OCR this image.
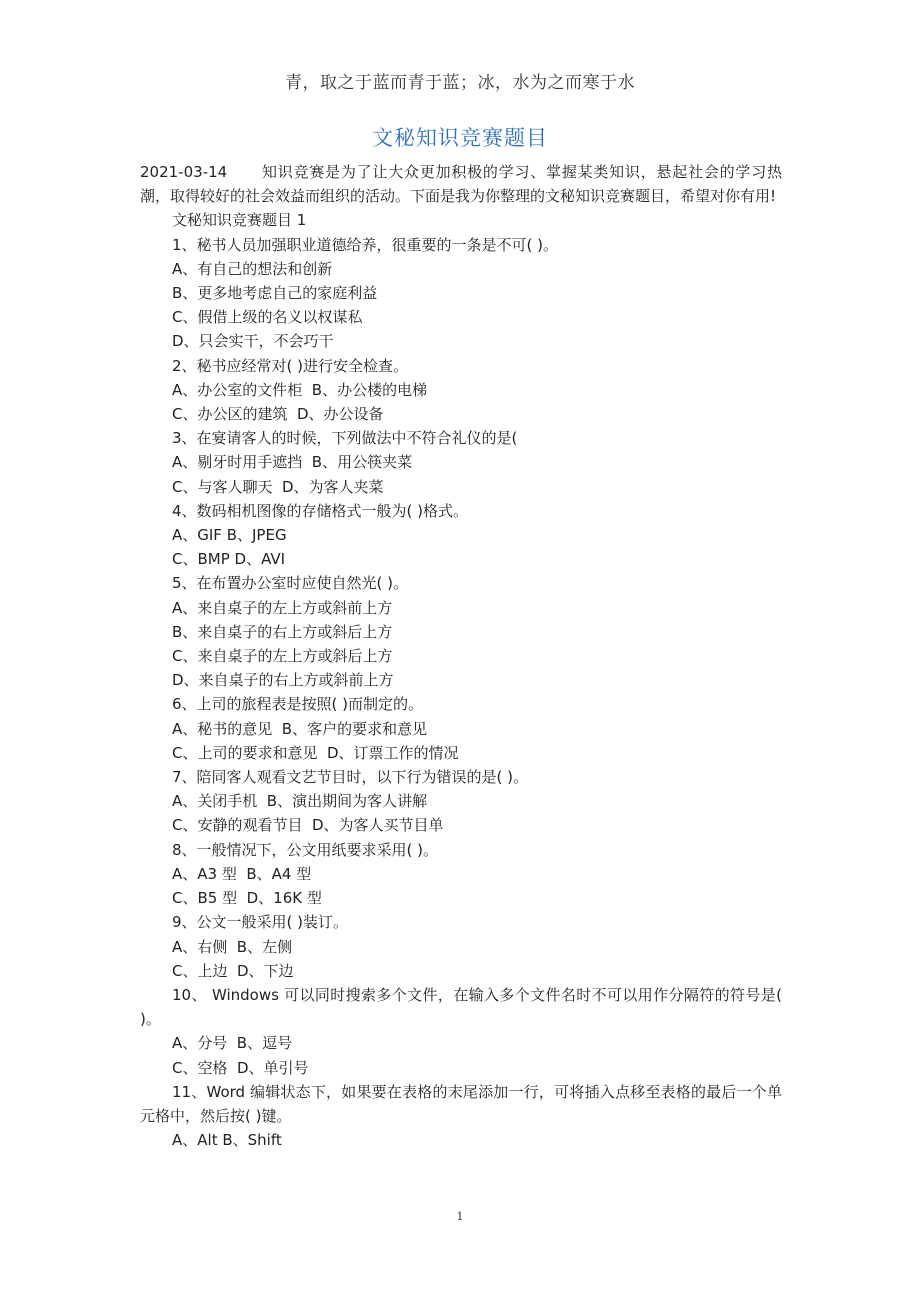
青，取之于蓝而青于蓝；冰，水为之而寒于水
文秘知识竞赛题目

2021-03-14 知识竞赛是为了让大众更加积极的学习、掌握某类知识，悬起社会的学习热潮，取得较好的社会效益而组织的活动。下面是我为你整理的文秘知识竞赛题目，希望对你有用!

文秘知识竞赛题目 1

1、秘书人员加强职业道德给养，很重要的一条是不可( )。

A、有自己的想法和创新

B、更多地考虑自己的家庭利益

C、假借上级的名义以权谋私

D、只会实干，不会巧干

2、秘书应经常对( )进行安全检查。

A、办公室的文件柜  B、办公楼的电梯

C、办公区的建筑  D、办公设备

3、在宴请客人的时候，下列做法中不符合礼仪的是(

A、剔牙时用手遮挡  B、用公筷夹菜

C、与客人聊天  D、为客人夹菜

4、数码相机图像的存储格式一般为( )格式。

A、GIF B、JPEG

C、BMP D、AVI

5、在布置办公室时应使自然光( )。

A、来自桌子的左上方或斜前上方

B、来自桌子的右上方或斜后上方

C、来自桌子的左上方或斜后上方

D、来自桌子的右上方或斜前上方

6、上司的旅程表是按照( )而制定的。

A、秘书的意见  B、客户的要求和意见

C、上司的要求和意见  D、订票工作的情况

7、陪同客人观看文艺节目时，以下行为错误的是( )。

A、关闭手机  B、演出期间为客人讲解

C、安静的观看节目  D、为客人买节目单

8、一般情况下，公文用纸要求采用( )。

A、A3 型  B、A4 型

C、B5 型  D、16K 型

9、公文一般采用( )装订。

A、右侧  B、左侧

C、上边  D、下边

10、 Windows 可以同时搜索多个文件，在输入多个文件名时不可以用作分隔符的符号是( )。

A、分号  B、逗号

C、空格  D、单引号

11、Word 编辑状态下，如果要在表格的末尾添加一行，可将插入点移至表格的最后一个单元格中，然后按( )键。

A、Alt B、Shift

1
